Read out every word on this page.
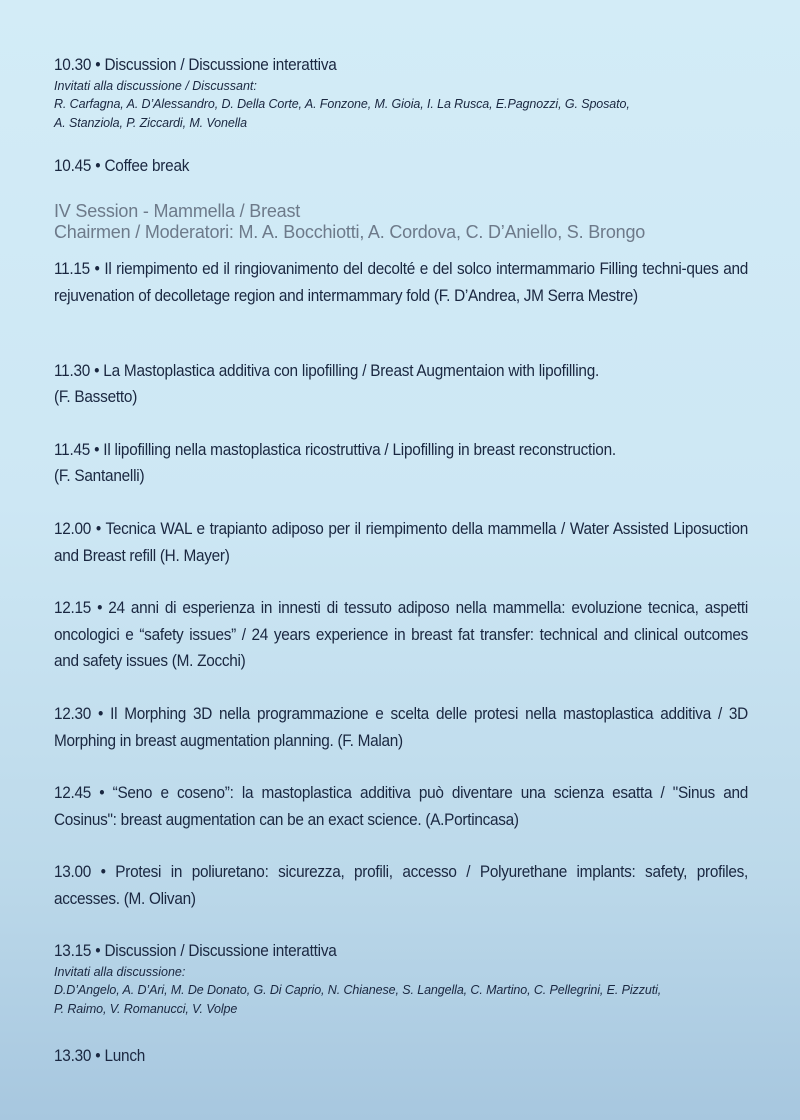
10.30 • Discussion / Discussione interattiva
Invitati alla discussione / Discussant:
R. Carfagna, A. D’Alessandro, D. Della Corte, A. Fonzone, M. Gioia, I. La Rusca, E.Pagnozzi, G. Sposato,
A. Stanziola, P. Ziccardi, M. Vonella
10.45 • Coffee break
IV Session - Mammella / Breast
Chairmen / Moderatori: M. A. Bocchiotti, A. Cordova, C. D’Aniello, S. Brongo
11.15 • Il riempimento ed il ringiovanimento del decolté e del solco intermammario Filling techni-ques and rejuvenation of decolletage region and intermammary fold (F. D’Andrea, JM Serra Mestre)
11.30 • La Mastoplastica additiva con lipofilling / Breast Augmentaion with lipofilling.
(F. Bassetto)
11.45 • Il lipofilling nella mastoplastica ricostruttiva / Lipofilling in breast reconstruction.
(F. Santanelli)
12.00 • Tecnica WAL e trapianto adiposo per il riempimento della mammella / Water Assisted Liposuction and Breast refill (H. Mayer)
12.15 • 24 anni di esperienza in innesti di tessuto adiposo nella mammella: evoluzione tecnica, aspetti oncologici e “safety issues” / 24 years experience in breast fat transfer: technical and clinical outcomes and safety issues (M. Zocchi)
12.30 • Il Morphing 3D nella programmazione e scelta delle protesi nella mastoplastica additiva / 3D Morphing in breast augmentation planning. (F. Malan)
12.45 • “Seno e coseno”: la mastoplastica additiva può diventare una scienza esatta / "Sinus and Cosinus": breast augmentation can be an exact science. (A.Portincasa)
13.00 • Protesi in poliuretano: sicurezza, profili, accesso / Polyurethane implants: safety, profiles, accesses. (M. Olivan)
13.15 • Discussion / Discussione interattiva
Invitati alla discussione:
D.D’Angelo, A. D’Ari, M. De Donato, G. Di Caprio, N. Chianese, S. Langella, C. Martino, C. Pellegrini, E. Pizzuti,
P. Raimo, V. Romanucci, V. Volpe
13.30 • Lunch
